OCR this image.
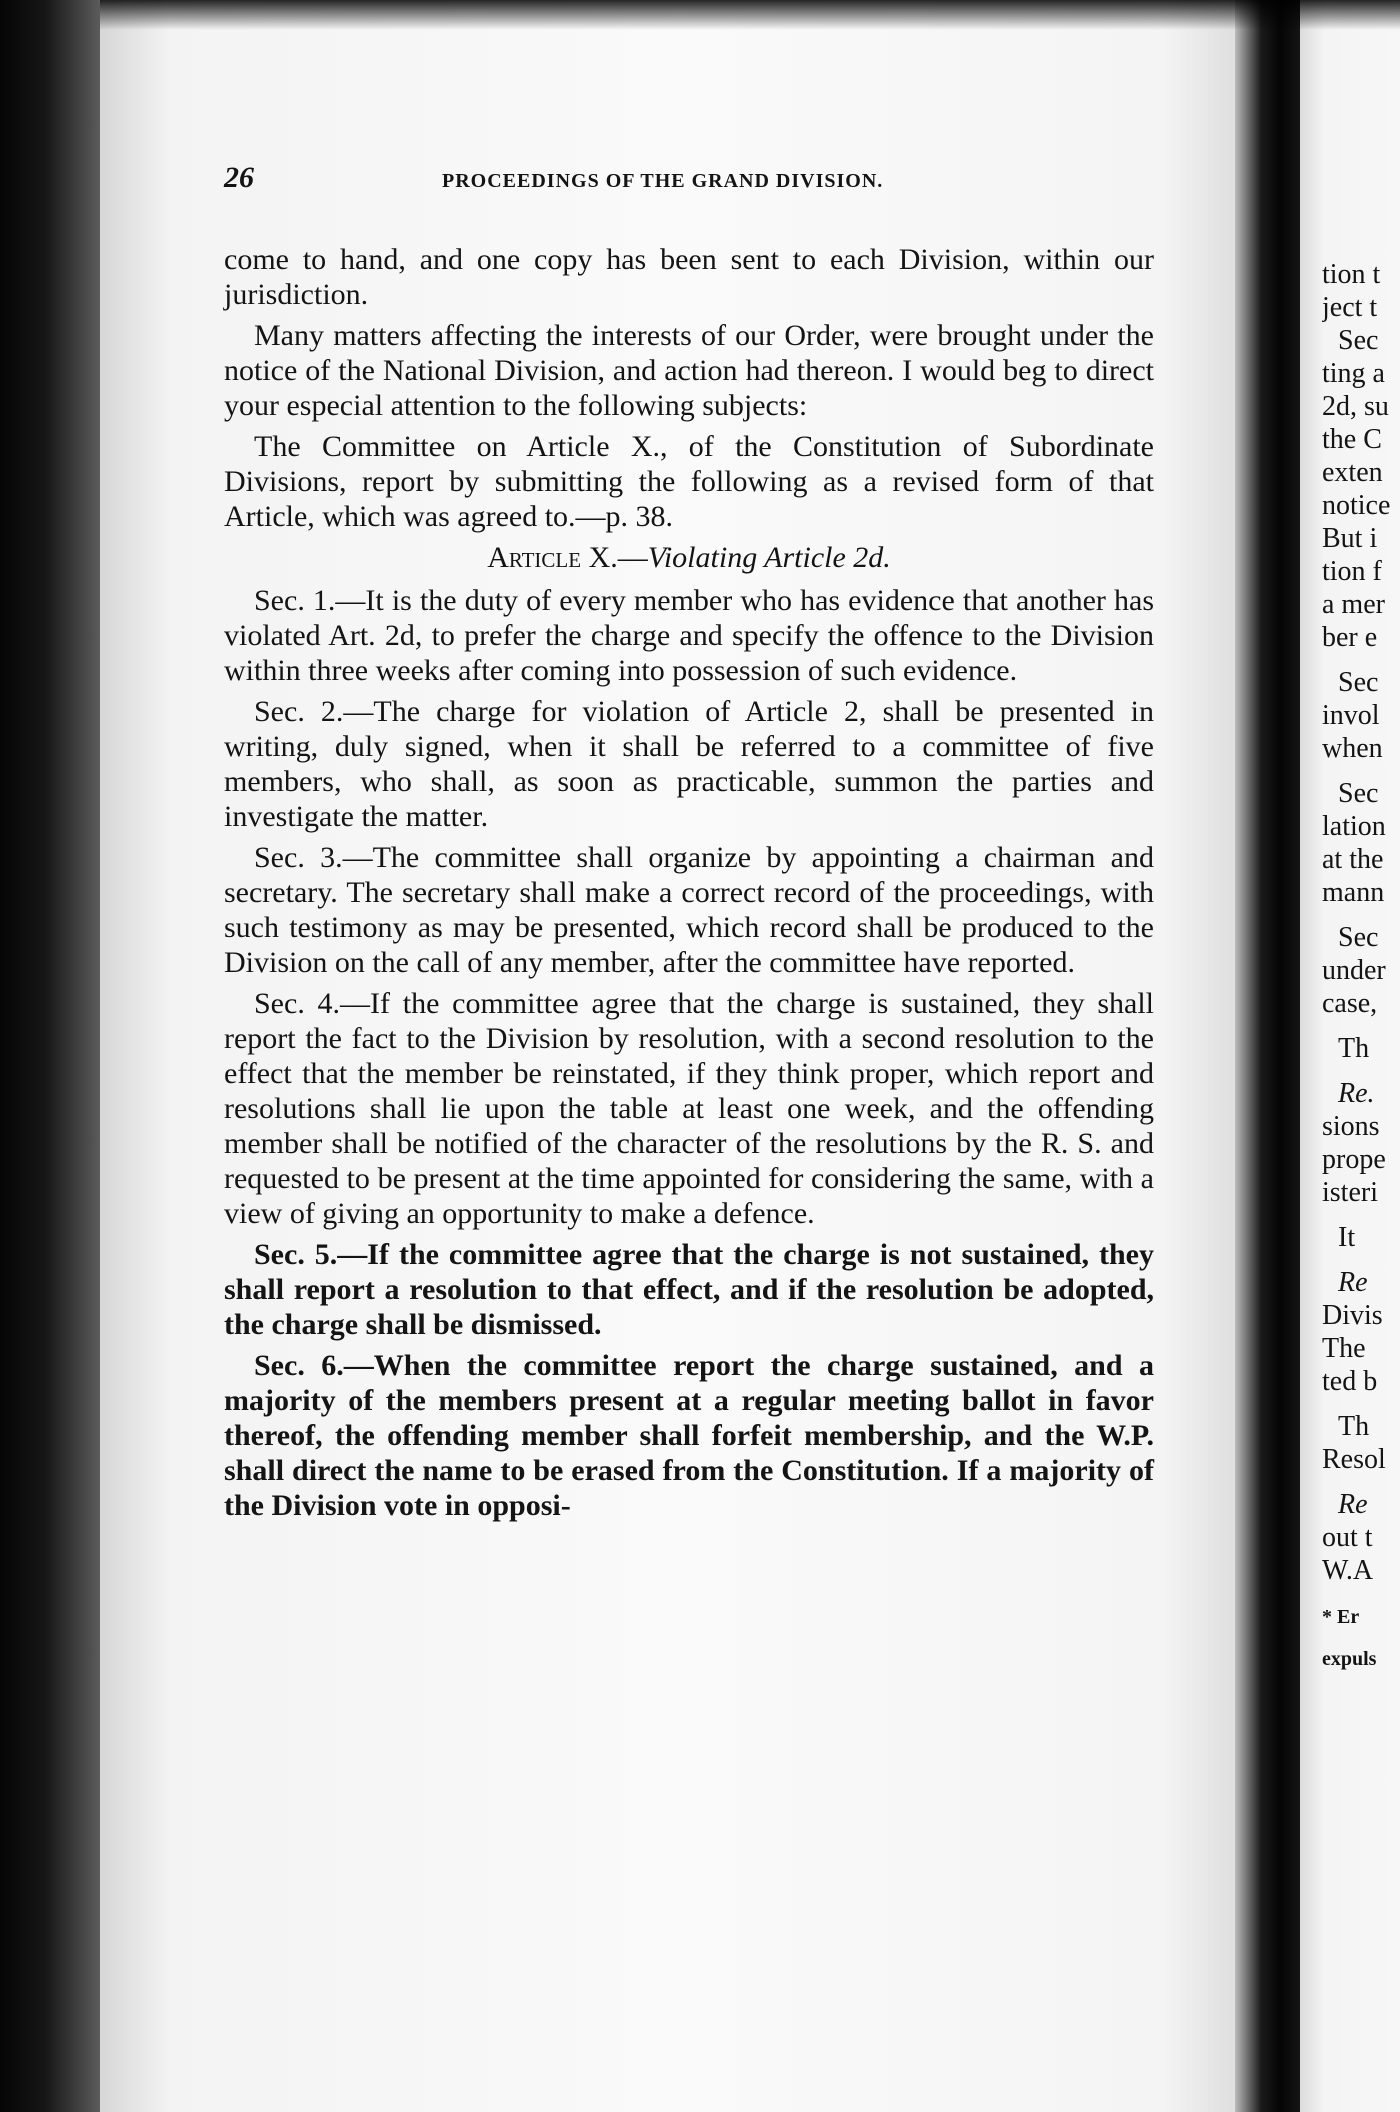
26	PROCEEDINGS OF THE GRAND DIVISION.

come to hand, and one copy has been sent to each Division, within our jurisdiction.

Many matters affecting the interests of our Order, were brought under the notice of the National Division, and action had thereon. I would beg to direct your especial attention to the following subjects:

The Committee on Article X., of the Constitution of Subordinate Divisions, report by submitting the following as a revised form of that Article, which was agreed to.—p. 38.

Article X.—Violating Article 2d.

Sec. 1.—It is the duty of every member who has evidence that another has violated Art. 2d, to prefer the charge and specify the offence to the Division within three weeks after coming into possession of such evidence.

Sec. 2.—The charge for violation of Article 2, shall be presented in writing, duly signed, when it shall be referred to a committee of five members, who shall, as soon as practicable, summon the parties and investigate the matter.

Sec. 3.—The committee shall organize by appointing a chairman and secretary. The secretary shall make a correct record of the proceedings, with such testimony as may be presented, which record shall be produced to the Division on the call of any member, after the committee have reported.

Sec. 4.—If the committee agree that the charge is sustained, they shall report the fact to the Division by resolution, with a second resolution to the effect that the member be reinstated, if they think proper, which report and resolutions shall lie upon the table at least one week, and the offending member shall be notified of the character of the resolutions by the R. S. and requested to be present at the time appointed for considering the same, with a view of giving an opportunity to make a defence.

Sec. 5.—If the committee agree that the charge is not sustained, they shall report a resolution to that effect, and if the resolution be adopted, the charge shall be dismissed.

Sec. 6.—When the committee report the charge sustained, and a majority of the members present at a regular meeting ballot in favor thereof, the offending member shall forfeit membership, and the W.P. shall direct the name to be erased from the Constitution. If a majority of the Division vote in opposi-

tion t
ject t
Sec
ting a
2d, su
the C
exten
notice
But i
tion f
a mer
ber e
Sec
invol
when
Sec
lation
at the
mann
Sec
under
case,
Th
Re.
sions
prope
isteri
It
Re
Divis
The
ted b
Th
Resol
Re
out t
W.A
* Er
expuls
